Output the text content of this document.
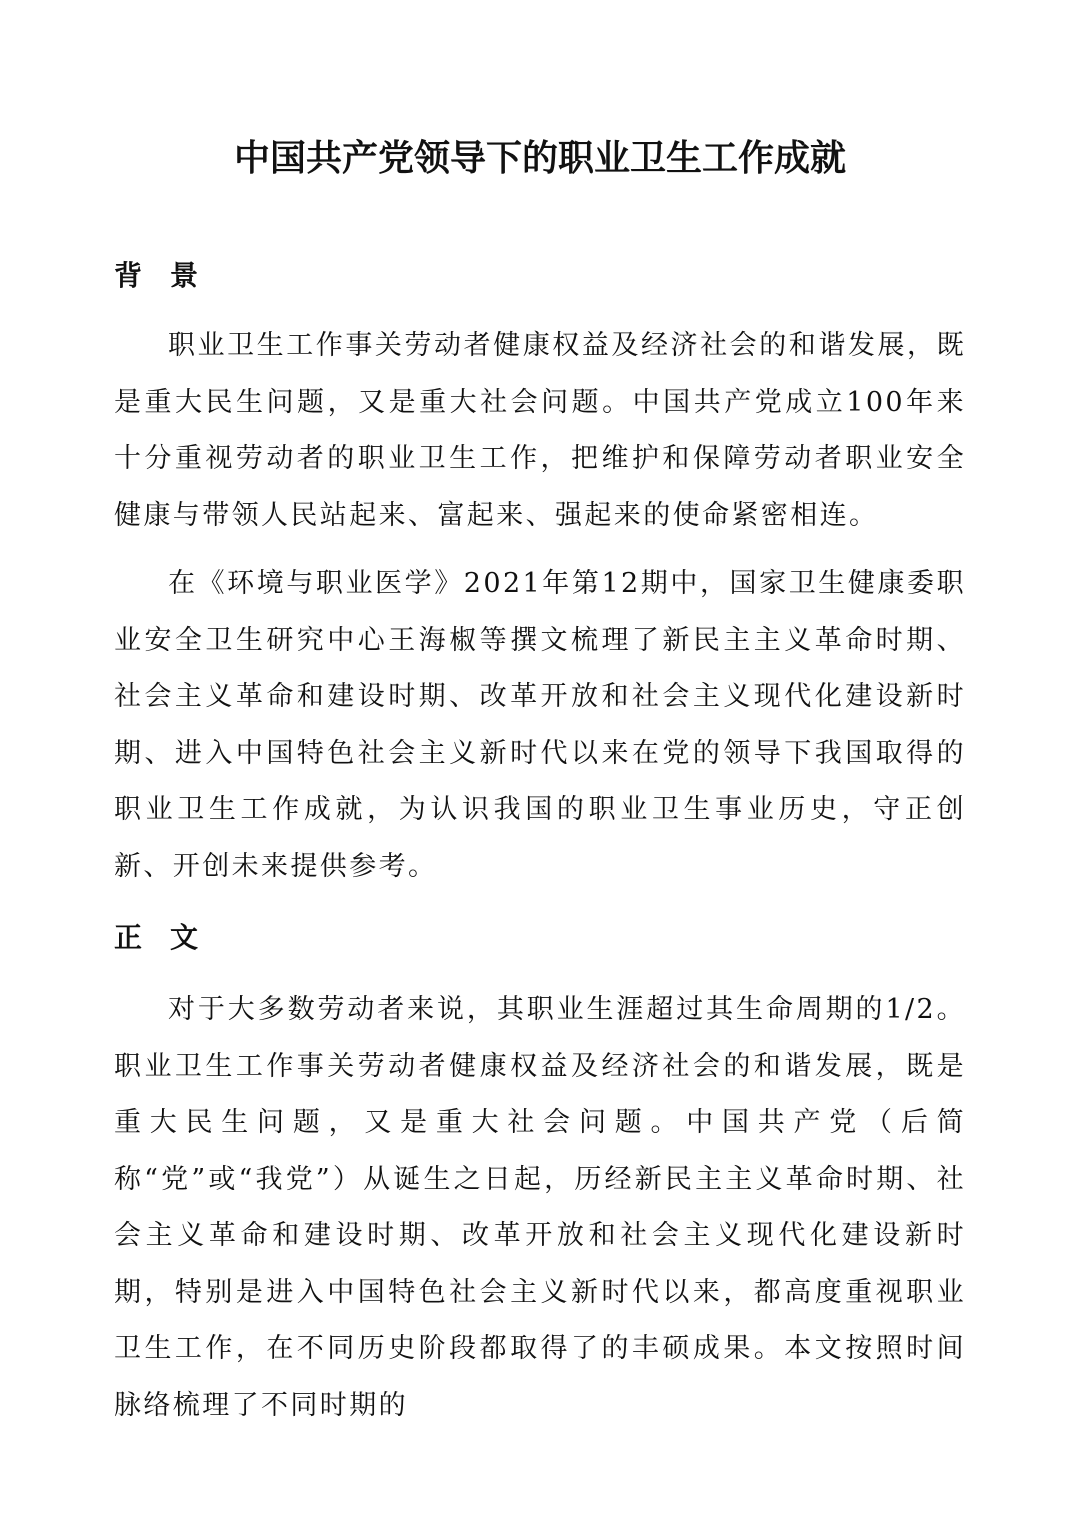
中国共产党领导下的职业卫生工作成就
背景

职业卫生工作事关劳动者健康权益及经济社会的和谐发展，既是重大民生问题，又是重大社会问题。中国共产党成立100年来十分重视劳动者的职业卫生工作，把维护和保障劳动者职业安全健康与带领人民站起来、富起来、强起来的使命紧密相连。

在《环境与职业医学》2021年第12期中，国家卫生健康委职业安全卫生研究中心王海椒等撰文梳理了新民主主义革命时期、社会主义革命和建设时期、改革开放和社会主义现代化建设新时期、进入中国特色社会主义新时代以来在党的领导下我国取得的职业卫生工作成就，为认识我国的职业卫生事业历史，守正创新、开创未来提供参考。

正文

对于大多数劳动者来说，其职业生涯超过其生命周期的1/2。职业卫生工作事关劳动者健康权益及经济社会的和谐发展，既是重大民生问题，又是重大社会问题。中国共产党（后简称“党”或“我党”）从诞生之日起，历经新民主主义革命时期、社会主义革命和建设时期、改革开放和社会主义现代化建设新时期，特别是进入中国特色社会主义新时代以来，都高度重视职业卫生工作，在不同历史阶段都取得了的丰硕成果。本文按照时间脉络梳理了不同时期的
